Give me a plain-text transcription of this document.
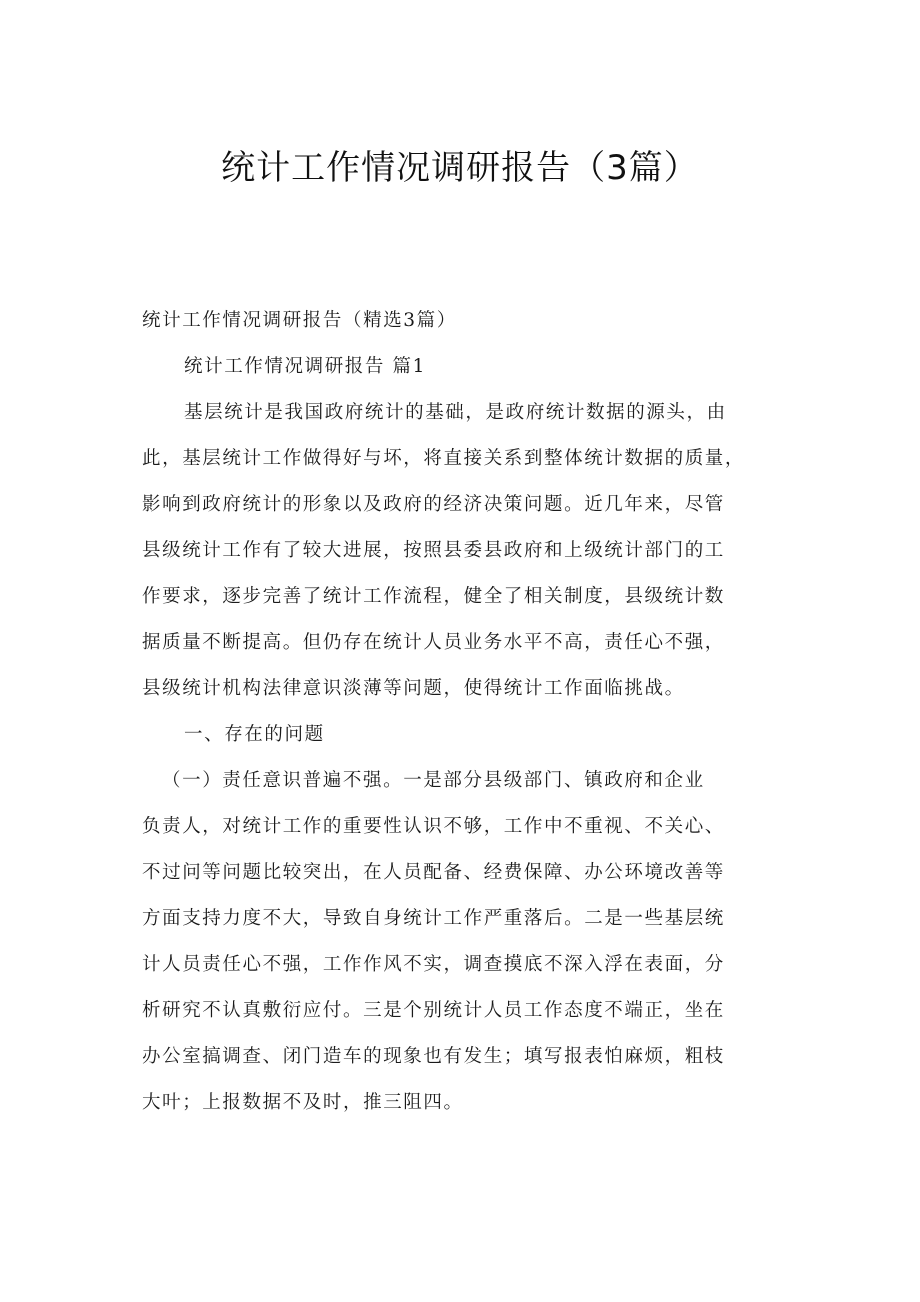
统计工作情况调研报告（3篇）

统计工作情况调研报告（精选3篇）

统计工作情况调研报告 篇1

基层统计是我国政府统计的基础，是政府统计数据的源头，由

此，基层统计工作做得好与坏，将直接关系到整体统计数据的质量，

影响到政府统计的形象以及政府的经济决策问题。近几年来，尽管

县级统计工作有了较大进展，按照县委县政府和上级统计部门的工

作要求，逐步完善了统计工作流程，健全了相关制度，县级统计数

据质量不断提高。但仍存在统计人员业务水平不高，责任心不强，

县级统计机构法律意识淡薄等问题，使得统计工作面临挑战。

一、存在的问题

（一）责任意识普遍不强。一是部分县级部门、镇政府和企业

负责人，对统计工作的重要性认识不够，工作中不重视、不关心、

不过问等问题比较突出，在人员配备、经费保障、办公环境改善等

方面支持力度不大，导致自身统计工作严重落后。二是一些基层统

计人员责任心不强，工作作风不实，调查摸底不深入浮在表面，分

析研究不认真敷衍应付。三是个别统计人员工作态度不端正，坐在

办公室搞调查、闭门造车的现象也有发生；填写报表怕麻烦，粗枝

大叶；上报数据不及时，推三阻四。
